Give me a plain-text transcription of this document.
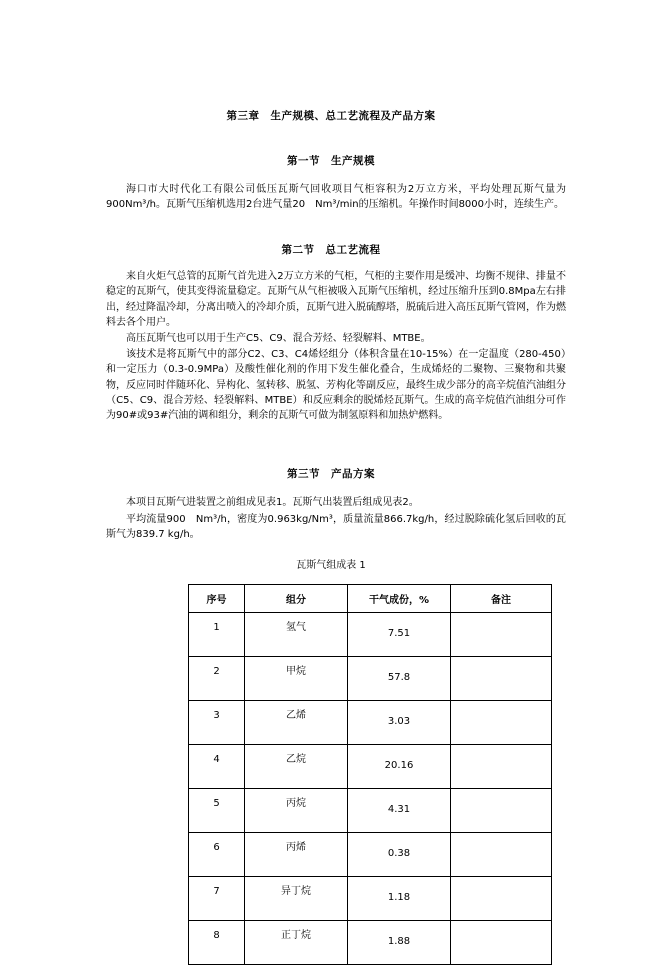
第三章　生产规模、总工艺流程及产品方案
第一节　生产规模

海口市大时代化工有限公司低压瓦斯气回收项目气柜容积为2万立方米，平均处理瓦斯气量为900Nm³/h。瓦斯气压缩机选用2台进气量20　Nm³/min的压缩机。年操作时间8000小时，连续生产。

第二节　总工艺流程

来自火炬气总管的瓦斯气首先进入2万立方米的气柜，气柜的主要作用是缓冲、均衡不规律、排量不稳定的瓦斯气，使其变得流量稳定。瓦斯气从气柜被吸入瓦斯气压缩机，经过压缩升压到0.8Mpa左右排出，经过降温冷却，分离出喷入的冷却介质，瓦斯气进入脱硫醇塔，脱硫后进入高压瓦斯气管网，作为燃料去各个用户。

高压瓦斯气也可以用于生产C5、C9、混合芳烃、轻裂解料、MTBE。

该技术是将瓦斯气中的部分C2、C3、C4烯烃组分（体积含量在10-15%）在一定温度（280-450）和一定压力（0.3-0.9MPa）及酸性催化剂的作用下发生催化叠合，生成烯烃的二聚物、三聚物和共聚物，反应同时伴随环化、异构化、氢转移、脱氢、芳构化等副反应，最终生成少部分的高辛烷值汽油组分（C5、C9、混合芳烃、轻裂解料、MTBE）和反应剩余的脱烯烃瓦斯气。生成的高辛烷值汽油组分可作为90#或93#汽油的调和组分，剩余的瓦斯气可做为制氢原料和加热炉燃料。

第三节　产品方案

本项目瓦斯气进装置之前组成见表1。瓦斯气出装置后组成见表2。

平均流量900　Nm³/h，密度为0.963kg/Nm³，质量流量866.7kg/h，经过脱除硫化氢后回收的瓦斯气为839.7 kg/h。

瓦斯气组成表 1
序号	组分	干气成份，%	备注
1	氢气	7.51	
2	甲烷	57.8	
3	乙烯	3.03	
4	乙烷	20.16	
5	丙烷	4.31	
6	丙烯	0.38	
7	异丁烷	1.18	
8	正丁烷	1.88	
